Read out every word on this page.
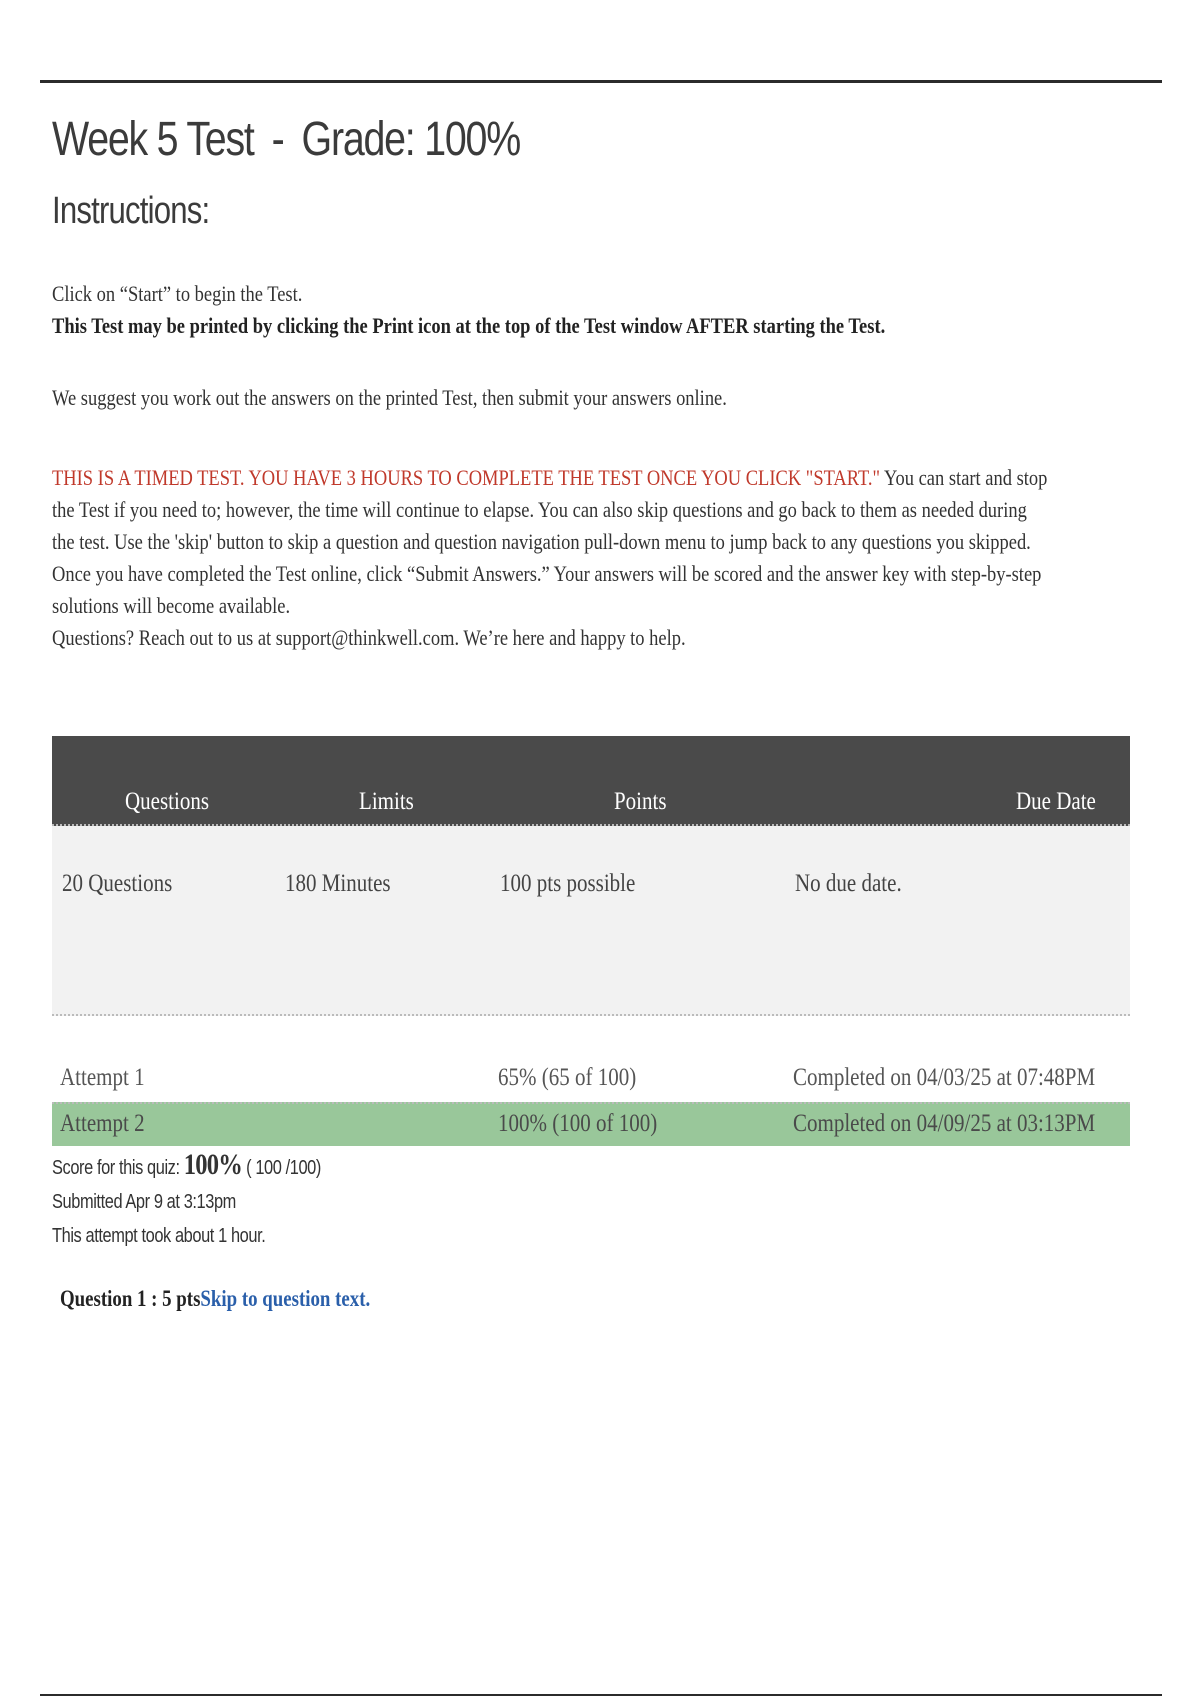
Week 5 Test - Grade: 100%
Instructions:

Click on “Start” to begin the Test.

This Test may be printed by clicking the Print icon at the top of the Test window AFTER starting the Test.

We suggest you work out the answers on the printed Test, then submit your answers online.

THIS IS A TIMED TEST. YOU HAVE 3 HOURS TO COMPLETE THE TEST ONCE YOU CLICK "START." You can start and stop the Test if you need to; however, the time will continue to elapse. You can also skip questions and go back to them as needed during the test. Use the 'skip' button to skip a question and question navigation pull-down menu to jump back to any questions you skipped.

Once you have completed the Test online, click “Submit Answers.” Your answers will be scored and the answer key with step-by-step solutions will become available.

Questions? Reach out to us at support@thinkwell.com. We’re here and happy to help.

Questions	Limits	Points	Due Date
20 Questions	180 Minutes	100 pts possible	No due date.
Attempt 1	65% (65 of 100)	Completed on 04/03/25 at 07:48PM
Attempt 2	100% (100 of 100)	Completed on 04/09/25 at 03:13PM
Score for this quiz: 100% ( 100 /100)
Submitted Apr 9 at 3:13pm
This attempt took about 1 hour.
Question 1 : 5 ptsSkip to question text.
